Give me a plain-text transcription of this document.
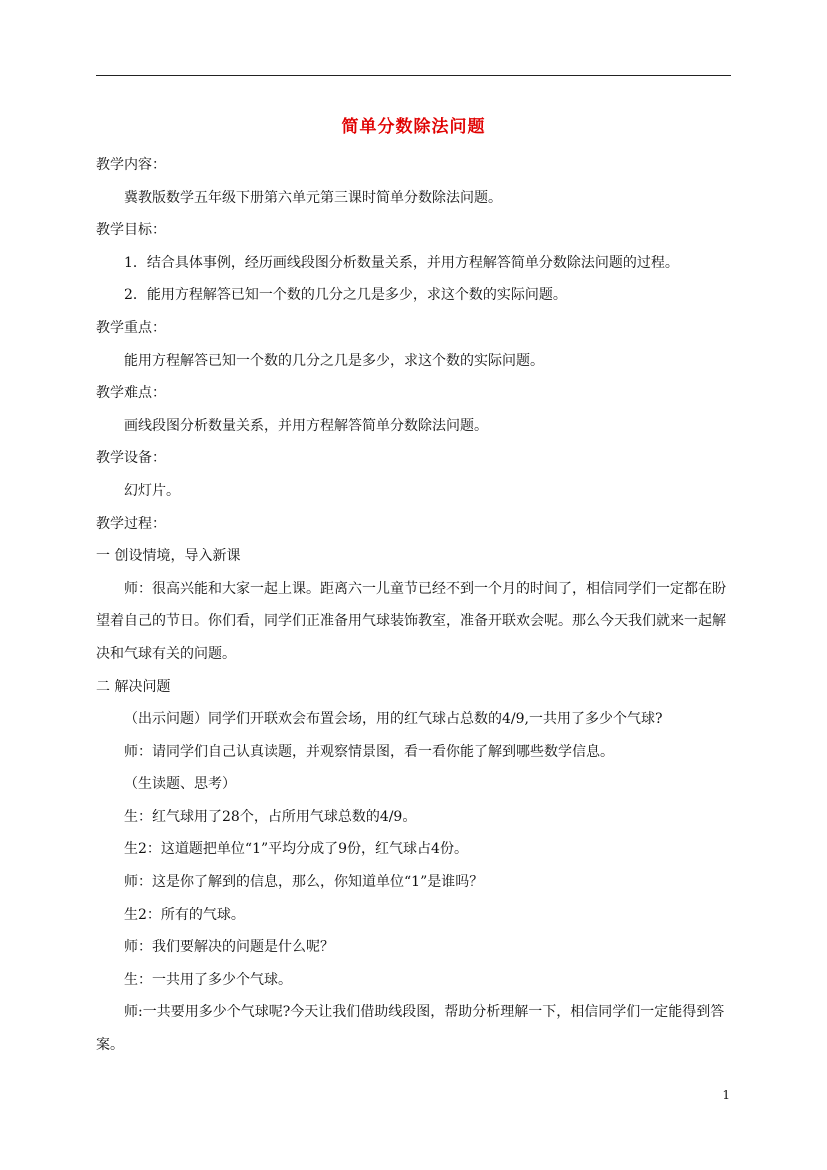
简单分数除法问题

教学内容：

冀教版数学五年级下册第六单元第三课时简单分数除法问题。

教学目标：

1．结合具体事例，经历画线段图分析数量关系，并用方程解答简单分数除法问题的过程。

2．能用方程解答已知一个数的几分之几是多少，求这个数的实际问题。

教学重点：

能用方程解答已知一个数的几分之几是多少，求这个数的实际问题。

教学难点：

画线段图分析数量关系，并用方程解答简单分数除法问题。

教学设备：

幻灯片。

教学过程：

一 创设情境，导入新课

师：很高兴能和大家一起上课。距离六一儿童节已经不到一个月的时间了，相信同学们一定都在盼望着自己的节日。你们看，同学们正准备用气球装饰教室，准备开联欢会呢。那么今天我们就来一起解决和气球有关的问题。

二 解决问题

（出示问题）同学们开联欢会布置会场，用的红气球占总数的4/9,一共用了多少个气球?

师：请同学们自己认真读题，并观察情景图，看一看你能了解到哪些数学信息。

（生读题、思考）

生：红气球用了28个，占所用气球总数的4/9。

生2：这道题把单位“1”平均分成了9份，红气球占4份。

师：这是你了解到的信息，那么，你知道单位“1”是谁吗？

生2：所有的气球。

师：我们要解决的问题是什么呢？

生：一共用了多少个气球。

师:一共要用多少个气球呢?今天让我们借助线段图，帮助分析理解一下，相信同学们一定能得到答案。

1
